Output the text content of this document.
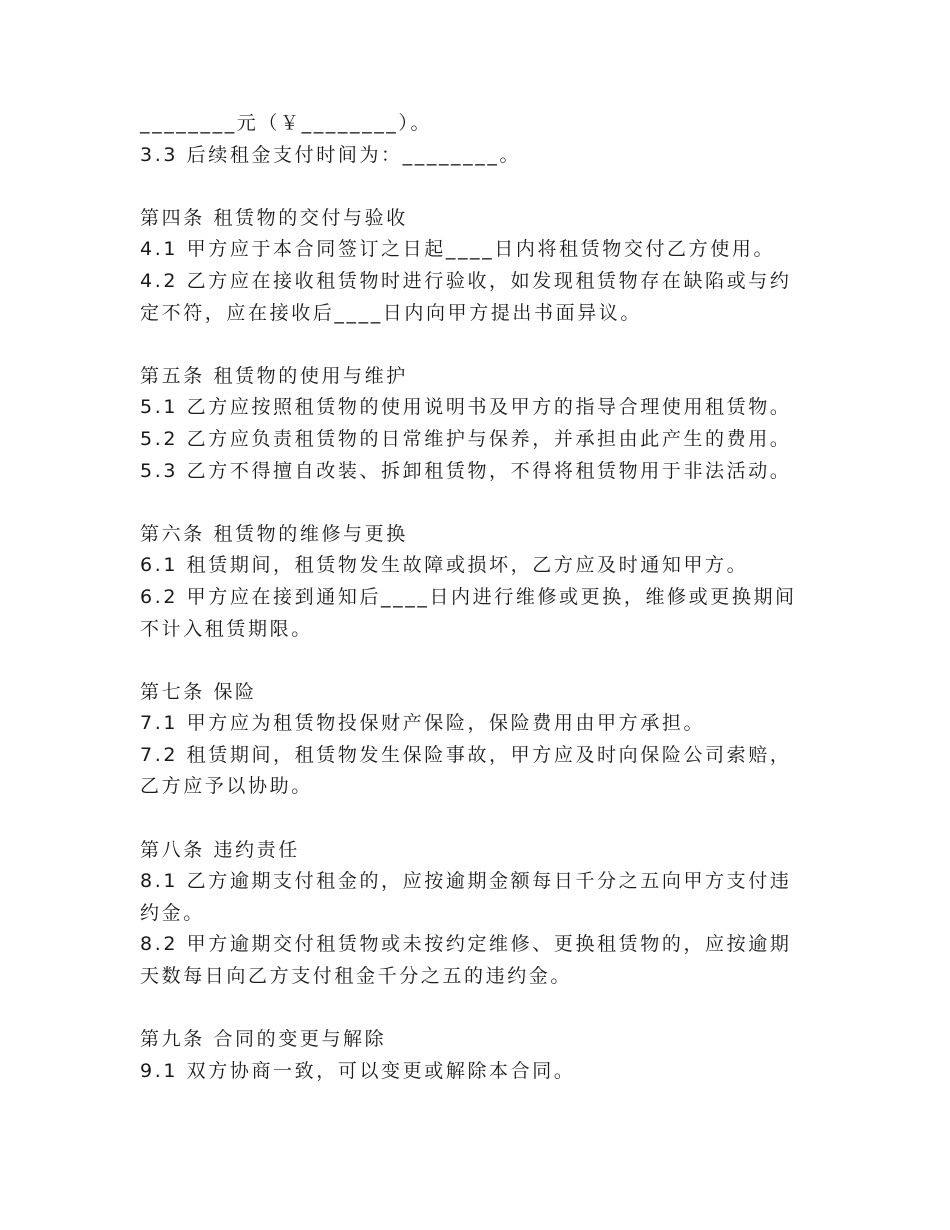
________元（￥________）。
3.3 后续租金支付时间为：________。
第四条 租赁物的交付与验收
4.1 甲方应于本合同签订之日起____日内将租赁物交付乙方使用。
4.2 乙方应在接收租赁物时进行验收，如发现租赁物存在缺陷或与约
定不符，应在接收后____日内向甲方提出书面异议。
第五条 租赁物的使用与维护
5.1 乙方应按照租赁物的使用说明书及甲方的指导合理使用租赁物。
5.2 乙方应负责租赁物的日常维护与保养，并承担由此产生的费用。
5.3 乙方不得擅自改装、拆卸租赁物，不得将租赁物用于非法活动。
第六条 租赁物的维修与更换
6.1 租赁期间，租赁物发生故障或损坏，乙方应及时通知甲方。
6.2 甲方应在接到通知后____日内进行维修或更换，维修或更换期间
不计入租赁期限。
第七条 保险
7.1 甲方应为租赁物投保财产保险，保险费用由甲方承担。
7.2 租赁期间，租赁物发生保险事故，甲方应及时向保险公司索赔，
乙方应予以协助。
第八条 违约责任
8.1 乙方逾期支付租金的，应按逾期金额每日千分之五向甲方支付违
约金。
8.2 甲方逾期交付租赁物或未按约定维修、更换租赁物的，应按逾期
天数每日向乙方支付租金千分之五的违约金。
第九条 合同的变更与解除
9.1 双方协商一致，可以变更或解除本合同。
